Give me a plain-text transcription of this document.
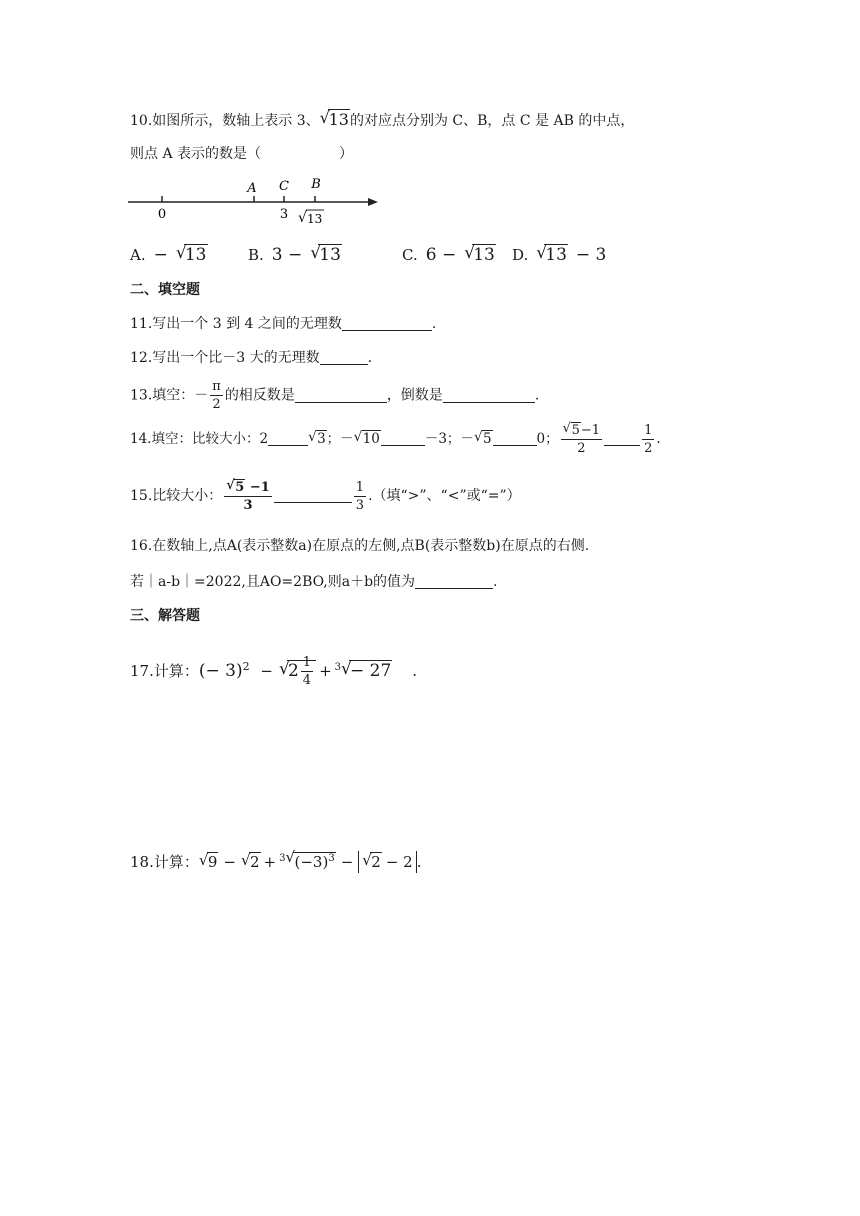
10.如图所示，数轴上表示 3、√ 13的对应点分别为 C、B，点 C 是 AB 的中点，
则点 A 表示的数是（	）
A C B
0	3 √ 13
A. −√ 13	B. 3 −√ 13	C. 6 −√ 13 D.√ 13 − 3
二、填空题
11.写出一个 3 到 4 之间的无理数	.
12.写出一个比－3 大的无理数	.
13.填空：－ $\frac{\pi}{2}$ 的相反数是	，倒数是	.
14.填空：比较大小：2√	3；－√ 10	－3；－√ 5	0；
√ $\frac{5-1}{2}$	$\frac{1}{2}$ .
15.比较大小：
√ $\frac{5 -1}{3}$	$\frac{1}{3}$ .（填“>”、“<”或“=”）
16.在数轴上,点A(表示整数a)在原点的左侧,点B(表示整数b)在原点的右侧.
若｜a-b｜=2022,且AO=2BO,则a＋b的值为	.
三、解答题
17.计算：(− 3)$^2$ −√ $2 \frac{1}{4} + ^3√ - 27$ .
18.计算：√ 9 −√ 2 + $^3$√ $(-3)^3$ −√ 2 − 2 .
